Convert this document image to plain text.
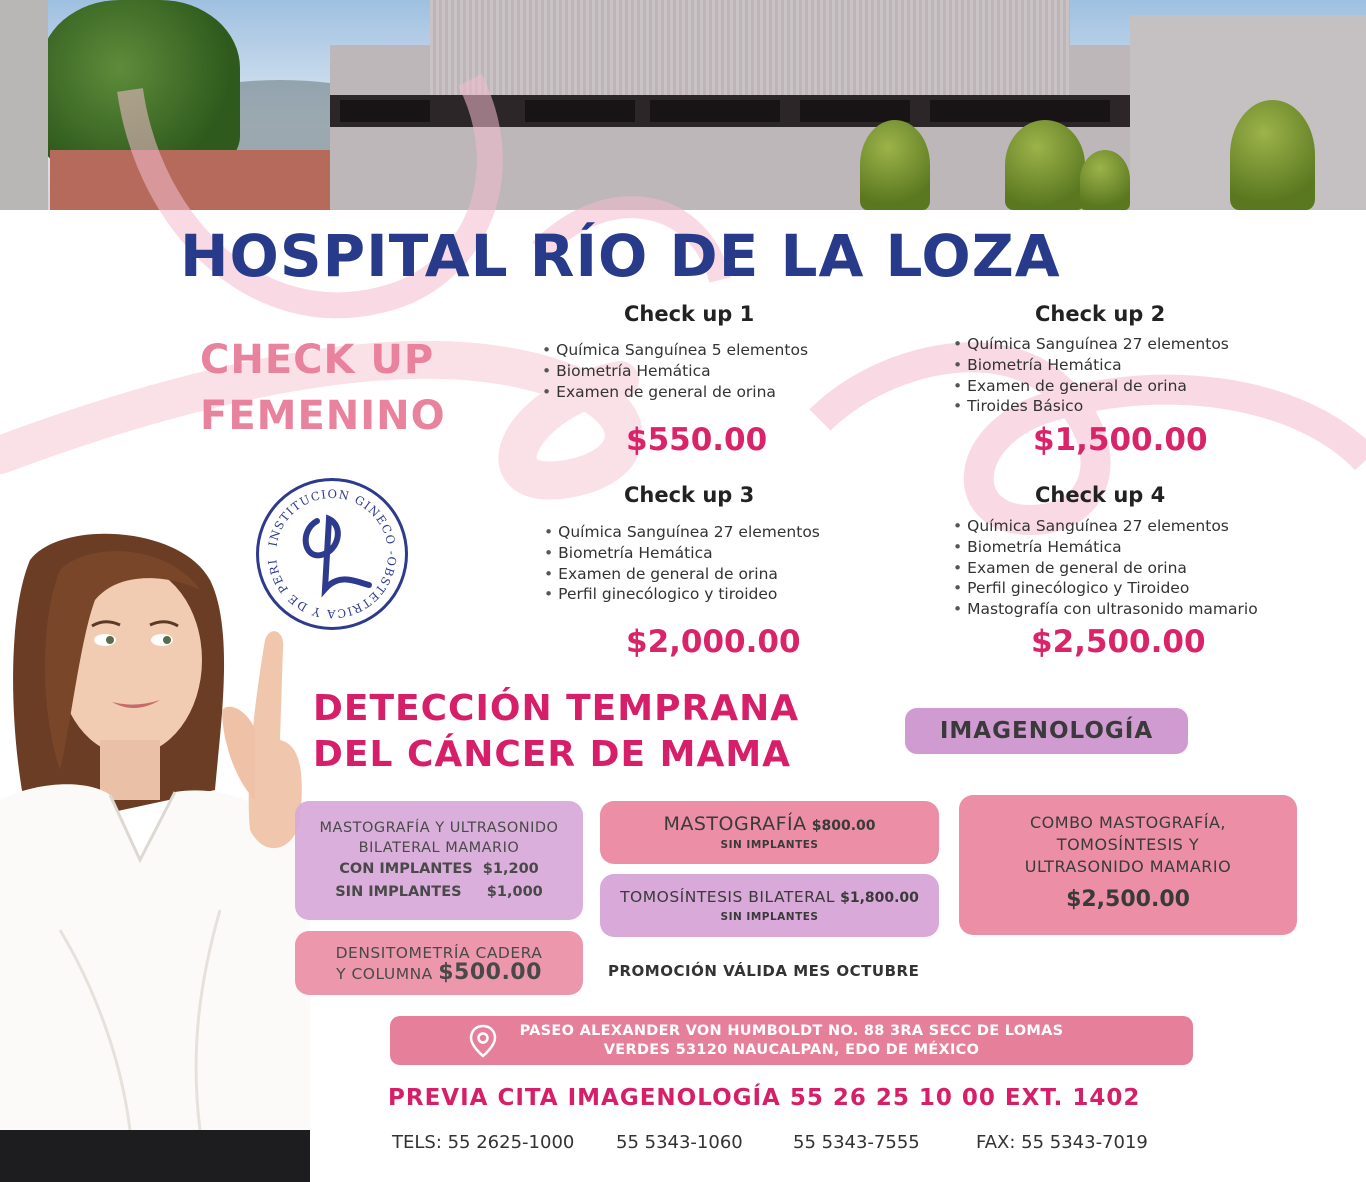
HOSPITAL RÍO DE LA LOZA
CHECK UP
FEMENINO
INSTITUCION GINECO -OBSTETRICA Y DE PERI
Check up 1
• Química Sanguínea 5 elementos
• Biometría Hemática
• Examen de general de orina
$550.00
Check up 2
• Química Sanguínea 27 elementos
• Biometría Hemática
• Examen de general de orina
• Tiroides Básico
$1,500.00
Check up 3
• Química Sanguínea 27 elementos
• Biometría Hemática
• Examen de general de orina
• Perfil ginecólogico y tiroideo
$2,000.00
Check up 4
• Química Sanguínea 27 elementos
• Biometría Hemática
• Examen de general de orina
• Perfil ginecólogico y Tiroideo
• Mastografía con ultrasonido mamario
$2,500.00
DETECCIÓN TEMPRANA
DEL CÁNCER DE MAMA
IMAGENOLOGÍA
MASTOGRAFÍA Y ULTRASONIDO
BILATERAL MAMARIO
CON IMPLANTES $1,200
SIN IMPLANTES $1,000
DENSITOMETRÍA CADERA
Y COLUMNA $500.00
MASTOGRAFÍA $800.00
SIN IMPLANTES
TOMOSÍNTESIS BILATERAL $1,800.00
SIN IMPLANTES
COMBO MASTOGRAFÍA,
TOMOSÍNTESIS Y
ULTRASONIDO MAMARIO
$2,500.00
PROMOCIÓN VÁLIDA MES OCTUBRE
PASEO ALEXANDER VON HUMBOLDT NO. 88 3RA SECC DE LOMAS
VERDES 53120 NAUCALPAN, EDO DE MÉXICO
PREVIA CITA IMAGENOLOGÍA 55 26 25 10 00 EXT. 1402
TELS: 55 2625-1000 55 5343-1060	55 5343-7555	FAX: 55 5343-7019
